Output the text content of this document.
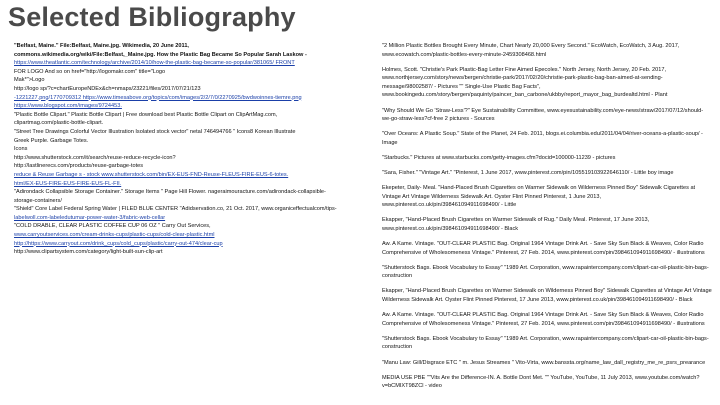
Selected Bibliography
"Belfast, Maine." File:Belfast, Maine.jpg. Wikimedia, 20 June 2011,
commons.wikimedia.org/wiki/File:Belfast,_Maine.jpg. How the Plastic Bag Became So Popular Sarah Laskow -
https://www.theatlantic.com/technology/archive/2014/10/how-the-plastic-bag-became-so-popular/381065/ FRONT
FOR LOGO And so on href="http://logomakr.com" title="Logo
Mak*">Logo
http://logo sp/?c=chartEuropeNDEx&ch=nmaps/23221/files/2017/07/21/123
-1221227.png/1770709312 https://www.timesabove.org/topics/com/images/2/2/7/0/2270925/bwdwoinnes-tiemre.png
https://www.blogspot.com/images/9724453.
"Plastic Bottle Clipart." Plastic Bottle Clipart | Free download best Plastic Bottle Clipart on ClipArtMag.com,
clipartmag.com/plastic-bottle-clipart.
"Street Tree Drawings Colorful Vector Illustration Isolated stock vector" netal 746494766 " Icons8 Korean Illustrate
Greek Purple. Garbage Totes.
Icons
http://www.shutterstock.com/it/search/reuse-reduce-recycle-icon?
http://lastlinerecs.com/products/reuse-garbage-totes
reduce & Reuse Garbage s - stock www.shutterstock.com/bin/EX-EUS-FND-Reuse-FLEUS-FIRE-EUS-6-totes.
html/EX-EUS-FIRE-EUS-FIRE-EUS-FL-FII.
"Adirondack Collapsible Storage Container." Storage Items " Page Hill Flower. nageraimouracture.com/adirondack-collapsible-
storage-containers/
"Shield" Core Label Federal Spring Water | FILED BLUE CENTER "Adidservation.co, 21 Oct. 2017, www.organiceffectualcom/tips-
labelwoll.com-labeledutumar-power-water-3/fabric-web-cellar
"COLD DRABLE, CLEAR PLASTIC COFFEE CUP 06 OZ " Carry Out Services,
www.carryoutservices.com/cream-drinks-cups/plastic-cups/cold-clear-plastic.html
http://https://www.carryout.com/drink_cups/cold_cups/plastic/carry-out-474/clear-cup
http://www.clipartsystem.com/category/light-built-sun-clip-art
"2 Million Plastic Bottles Brought Every Minute, Chart Nearly 20,000 Every Second." EcoWatch, EcoWatch, 3 Aug. 2017, www.ecowatch.com/plastic-bottles-every-minute-2459308468.html
Holmes, Scott. "Christie's Park Plastic-Bag Letter Fine Aimed Epecoles." North Jersey, North Jersey, 20 Feb. 2017, www.northjersey.com/story/news/bergen/christie-park/2017/02/20/christie-park-plastic-bag-ban-aimed-at-sending-message/98002587/ - Pictures "" Single-Use Plastic Bag Facts", www.bookingedu.com/story/bergen/paquinty/paincer_ban_carbone/ukbby/report_mayor_bag_burdealtd.html - Plant
"Why Should We Go 'Straw-Less'?" Eye Sustainability Committee, www.eyesustainability.com/eye-news/straw/2017/07/12/should-we-go-straw-less?cf-free 2 pictures - Sources
"Over Oceans: A Plastic Soup." State of the Planet, 24 Feb. 2011, blogs.ei.columbia.edu/2011/04/04/river-oceans-a-plastic-soup/ - Image
"Starbucks." Pictures at www.starbucks.com/getty-images.cfm?docid=100000-11239 - pictures
"Sara, Fisher." "Vintage Art." "Pinterest, 1 June 2017, www.pinterest.com/pin/105519103922646110/ - Little boy image
Ekepeter, Daily- Meal. "Hand-Placed Brush Cigarettes on Warmer Sidewalk on Wilderness Pinned Boy" Sidewalk Cigarettes at Vintage Art Vintage Wilderness Sidewalk Art. Oyster Flint Pinned Pinterest, 1 June 2013, www.pinterest.co.uk/pin/398461094911698490/ - Little
Ekapper, "Hand-Placed Brush Cigarettes on Warmer Sidewalk of Rug." Daily Meal. Pinterest, 17 June 2013, www.pinterest.co.uk/pin/398461094911698490/ - Black
Aw. A Kame. Vintage. "OUT-CLEAR PLASTIC Bag. Original 1964 Vintage Drink Art. - Save Sky Sun Black & Weaves, Color Radio Comprehensive of Wholesomeness Vintage." Pinterest, 27 Feb. 2014, www.pinterest.com/pin/398461094911698490/ - illustrations
"Shutterstock Bags. Ebook Vocabulary to Essay" "1989 Art. Corporation, www.rapaintercompany.com/clipart-car-oil-plastic-bin-bags-construction
Ekapper, "Hand-Placed Brush Cigarettes on Warmer Sidewalk on Wilderness Pinned Boy" Sidewalk Cigarettes at Vintage Art Vintage Wilderness Sidewalk Art. Oyster Flint Pinned Pinterest, 17 June 2013, www.pinterest.co.uk/pin/398461094911698490/ - Black
Aw. A Kame. Vintage. "OUT-CLEAR PLASTIC Bag. Original 1964 Vintage Drink Art. - Save Sky Sun Black & Weaves, Color Radio Comprehensive of Wholesomeness Vintage." Pinterest, 27 Feb. 2014, www.pinterest.com/pin/398461094911698490/ - illustrations
"Shutterstock Bags. Ebook Vocabulary to Essay" "1989 Art. Corporation, www.rapaintercompany.com/clipart-car-oil-plastic-bin-bags-construction
"Manu Law: Gill/Disgrace ETC " m. Jesus Streames " Vito-Virta, www.banssta.org/name_law_dall_registry_me_re_psrs_prearance
MEDIA USE PBE ""Vits Are the Difference-IN. A. Bottle Dont Met. "" YouTube, YouTube, 11 July 2013, www.youtube.com/watch?v=bCMIXT98ZCl - video
